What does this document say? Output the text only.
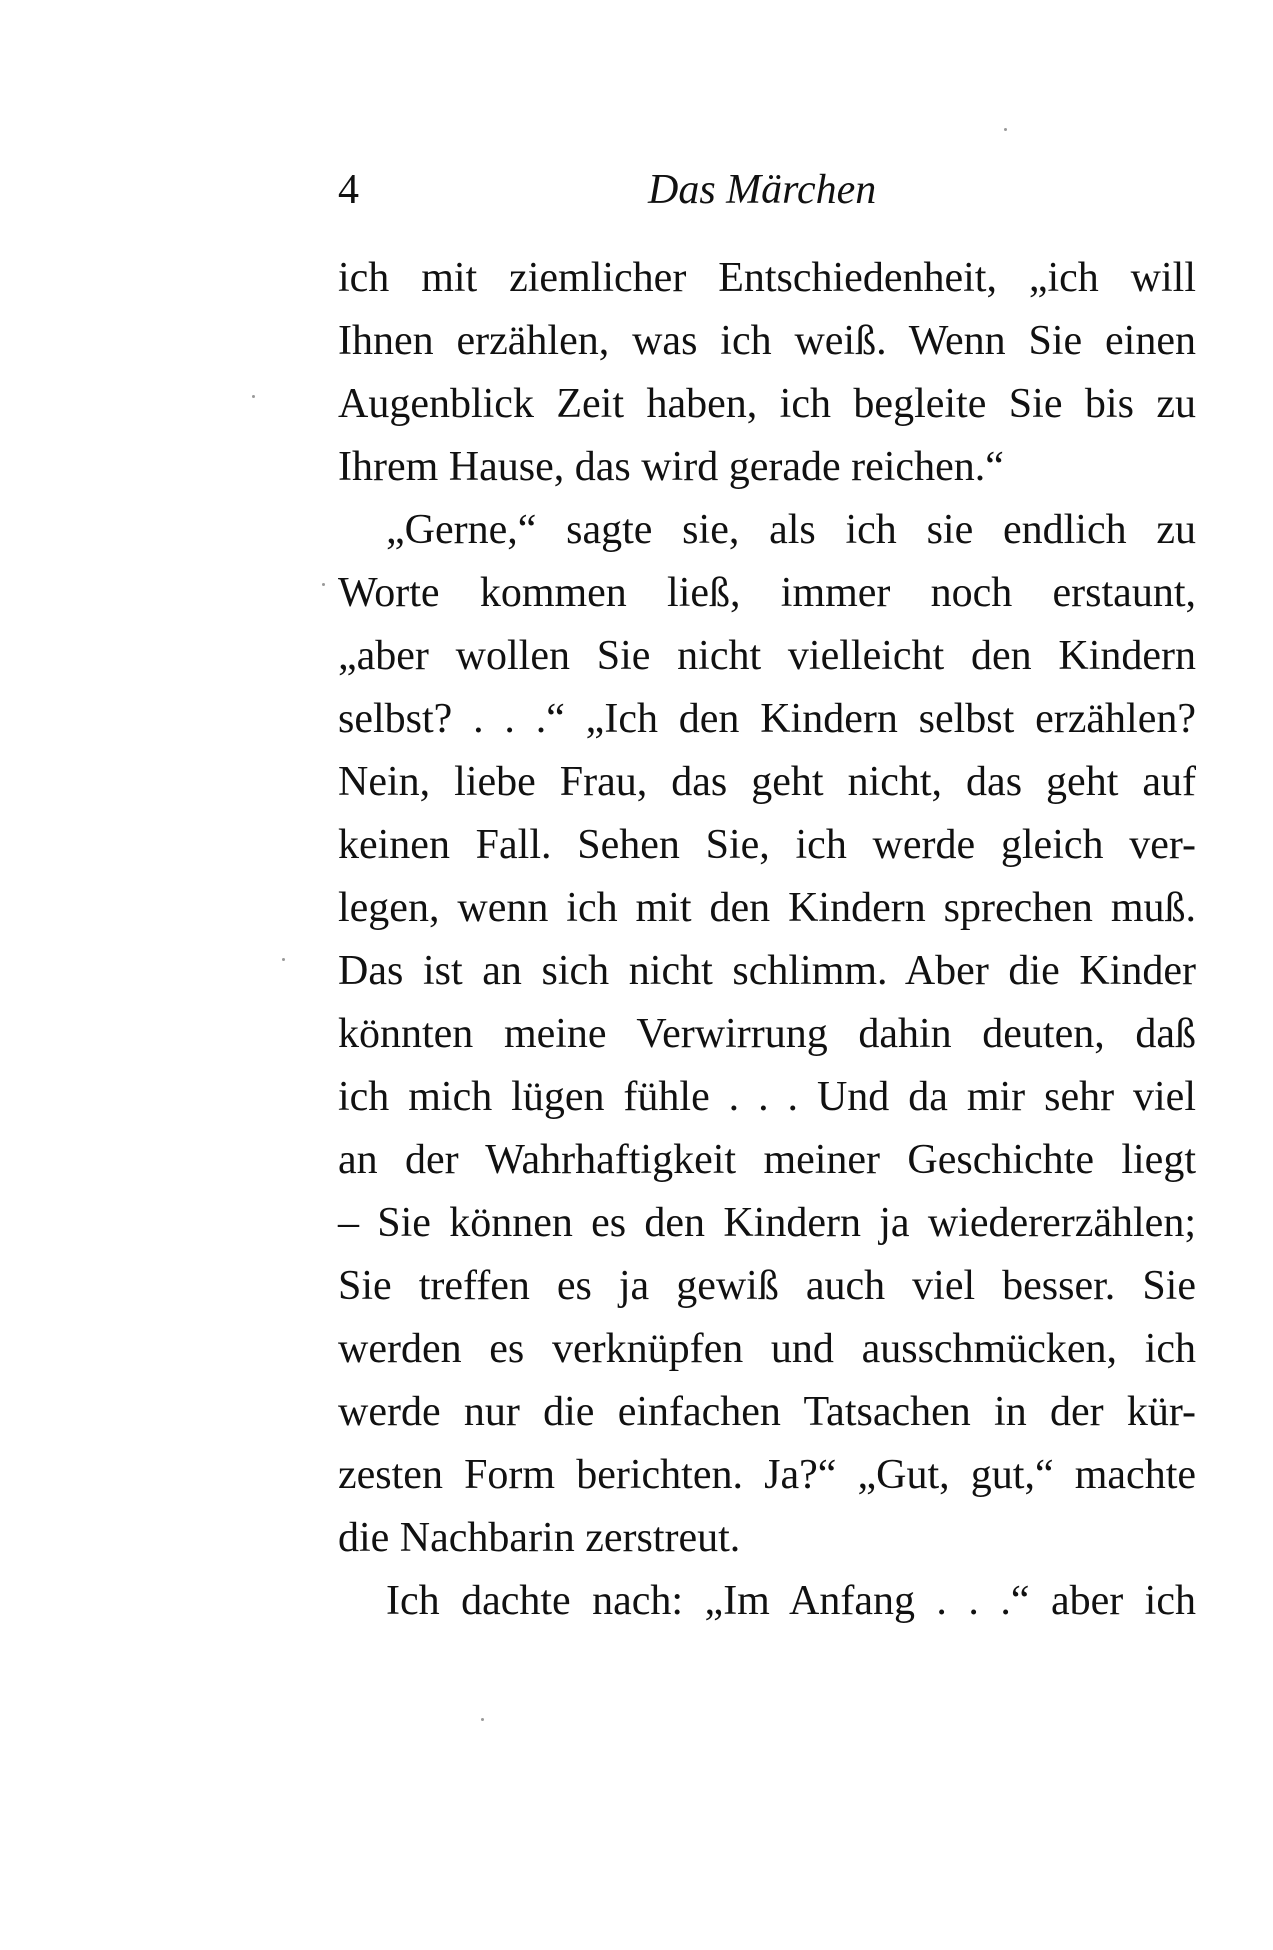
4	Das Märchen

ich mit ziemlicher Entschiedenheit, „ich will
Ihnen erzählen, was ich weiß. Wenn Sie einen
Augenblick Zeit haben, ich begleite Sie bis zu
Ihrem Hause, das wird gerade reichen.“

„Gerne,“ sagte sie, als ich sie endlich zu
Worte kommen ließ, immer noch erstaunt,
„aber wollen Sie nicht vielleicht den Kindern
selbst? . . .“ „Ich den Kindern selbst erzählen?
Nein, liebe Frau, das geht nicht, das geht auf
keinen Fall. Sehen Sie, ich werde gleich ver-
legen, wenn ich mit den Kindern sprechen muß.
Das ist an sich nicht schlimm. Aber die Kinder
könnten meine Verwirrung dahin deuten, daß
ich mich lügen fühle . . . Und da mir sehr viel
an der Wahrhaftigkeit meiner Geschichte liegt
– Sie können es den Kindern ja wiedererzählen;
Sie treffen es ja gewiß auch viel besser. Sie
werden es verknüpfen und ausschmücken, ich
werde nur die einfachen Tatsachen in der kür-
zesten Form berichten. Ja?“ „Gut, gut,“ machte
die Nachbarin zerstreut.

Ich dachte nach: „Im Anfang . . .“ aber ich
